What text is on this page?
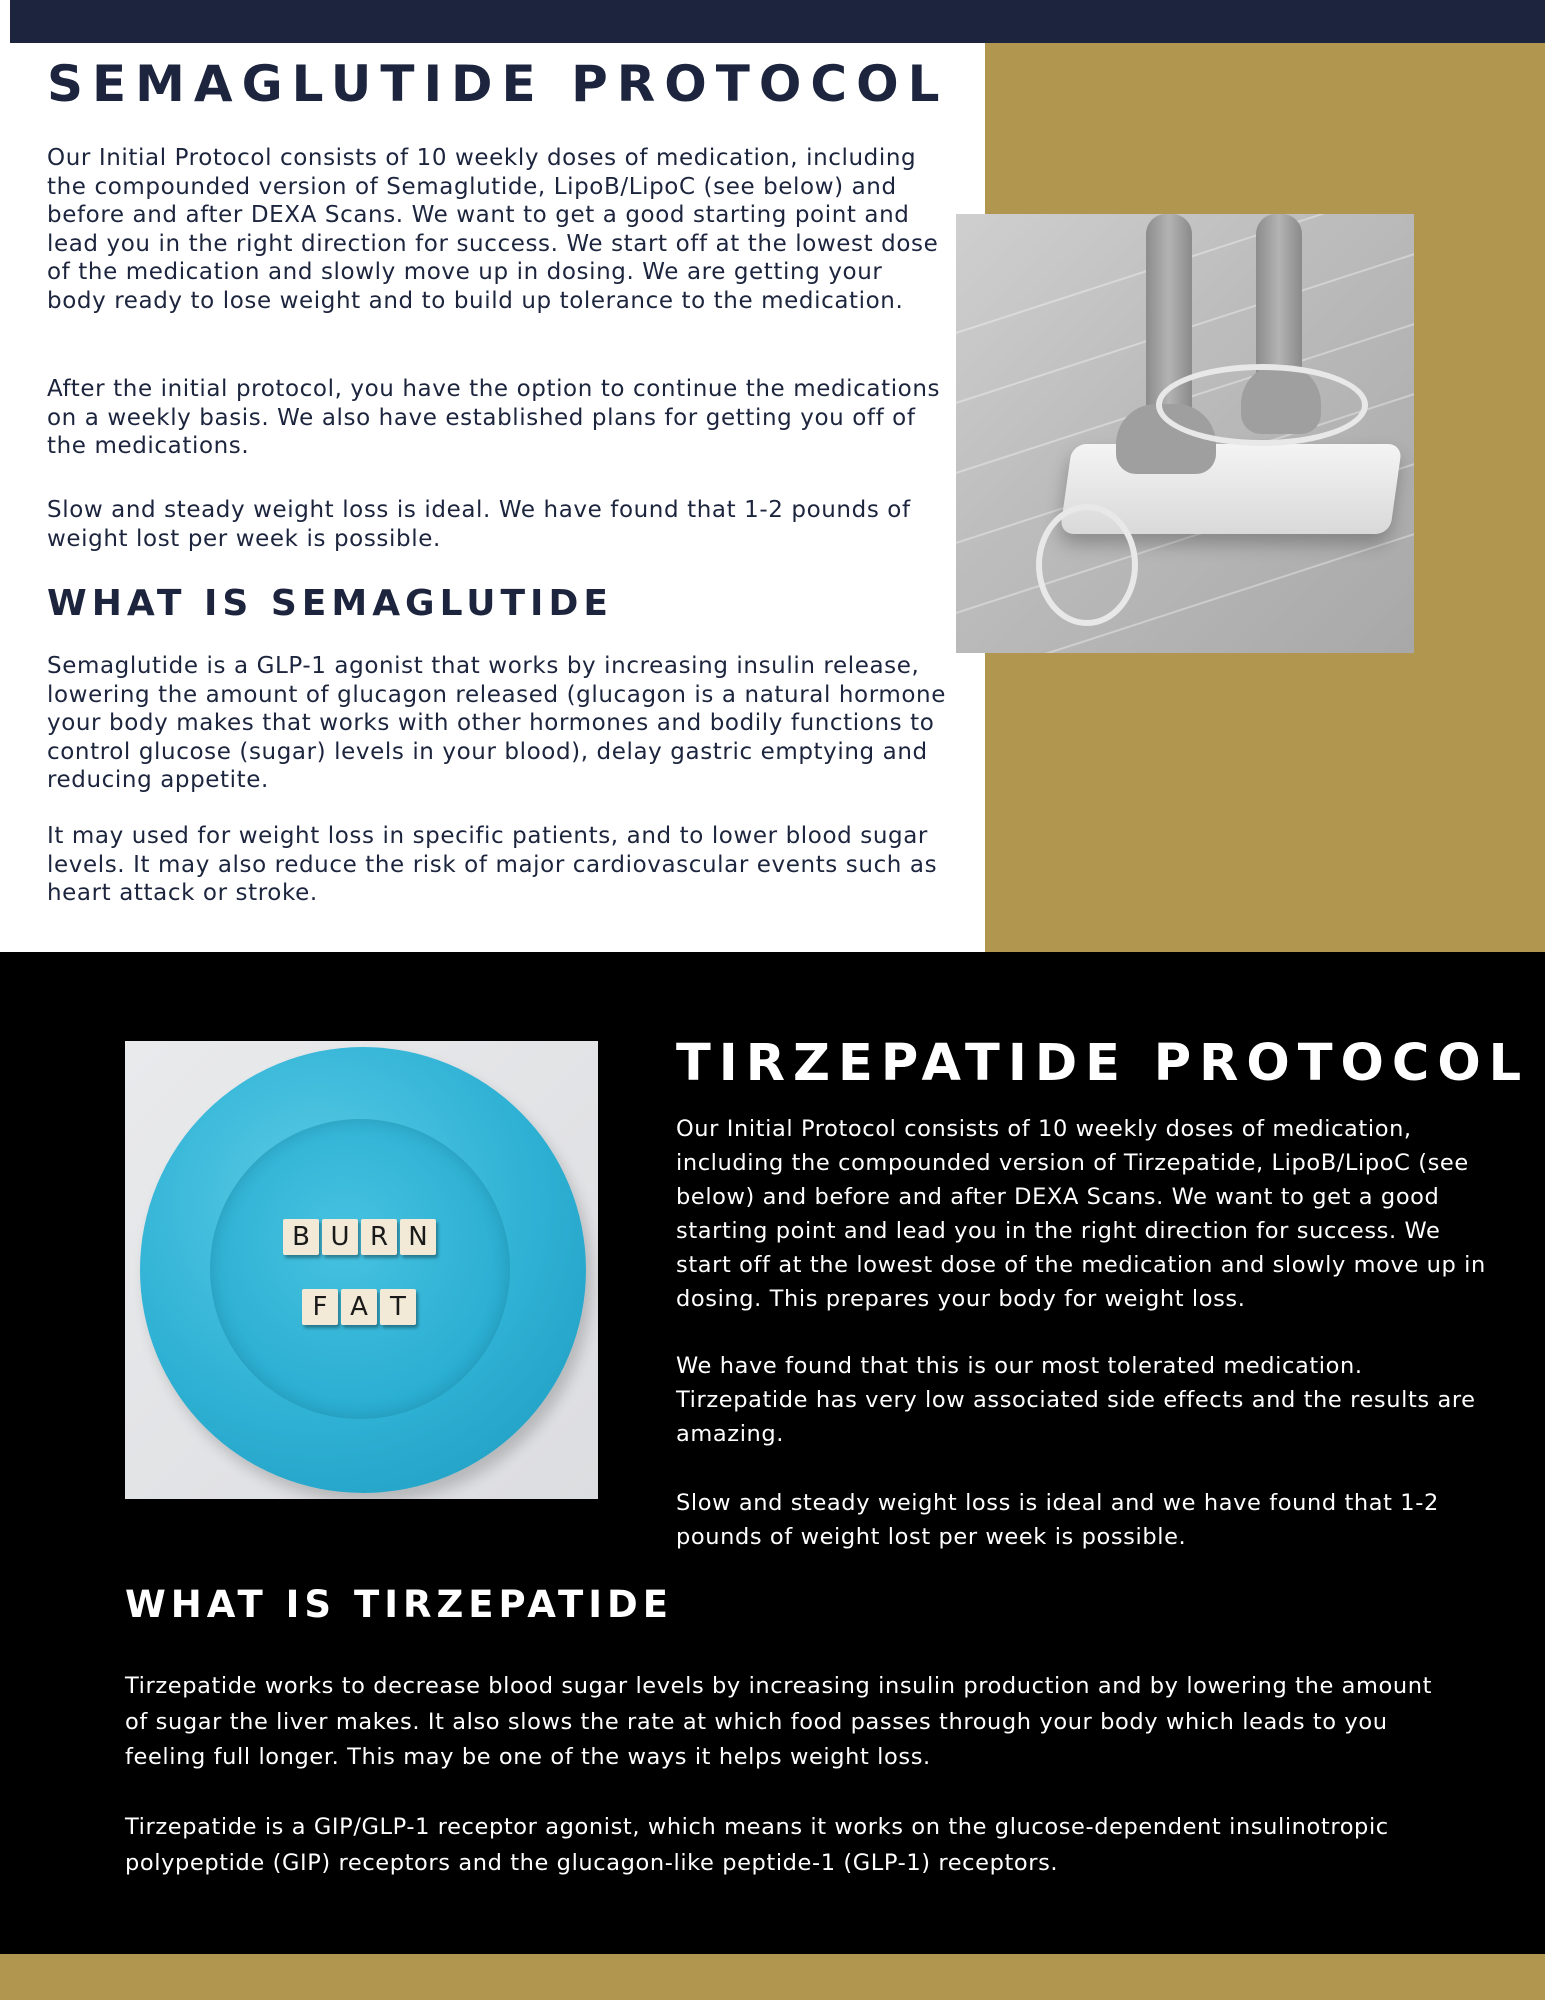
SEMAGLUTIDE PROTOCOL

Our Initial Protocol consists of 10 weekly doses of medication, including the compounded version of Semaglutide, LipoB/LipoC (see below) and before and after DEXA Scans. We want to get a good starting point and lead you in the right direction for success. We start off at the lowest dose of the medication and slowly move up in dosing. We are getting your body ready to lose weight and to build up tolerance to the medication.

After the initial protocol, you have the option to continue the medications on a weekly basis. We also have established plans for getting you off of the medications.

Slow and steady weight loss is ideal. We have found that 1-2 pounds of weight lost per week is possible.

WHAT IS SEMAGLUTIDE

Semaglutide is a GLP-1 agonist that works by increasing insulin release, lowering the amount of glucagon released (glucagon is a natural hormone your body makes that works with other hormones and bodily functions to control glucose (sugar) levels in your blood), delay gastric emptying and reducing appetite.

It may used for weight loss in specific patients, and to lower blood sugar levels. It may also reduce the risk of major cardiovascular events such as heart attack or stroke.

B U R N
F A T
TIRZEPATIDE PROTOCOL

Our Initial Protocol consists of 10 weekly doses of medication, including the compounded version of Tirzepatide, LipoB/LipoC (see below) and before and after DEXA Scans. We want to get a good starting point and lead you in the right direction for success. We start off at the lowest dose of the medication and slowly move up in dosing. This prepares your body for weight loss.

We have found that this is our most tolerated medication. Tirzepatide has very low associated side effects and the results are amazing.

Slow and steady weight loss is ideal and we have found that 1-2 pounds of weight lost per week is possible.

WHAT IS TIRZEPATIDE

Tirzepatide works to decrease blood sugar levels by increasing insulin production and by lowering the amount of sugar the liver makes. It also slows the rate at which food passes through your body which leads to you feeling full longer. This may be one of the ways it helps weight loss.

Tirzepatide is a GIP/GLP-1 receptor agonist, which means it works on the glucose-dependent insulinotropic polypeptide (GIP) receptors and the glucagon-like peptide-1 (GLP-1) receptors.
